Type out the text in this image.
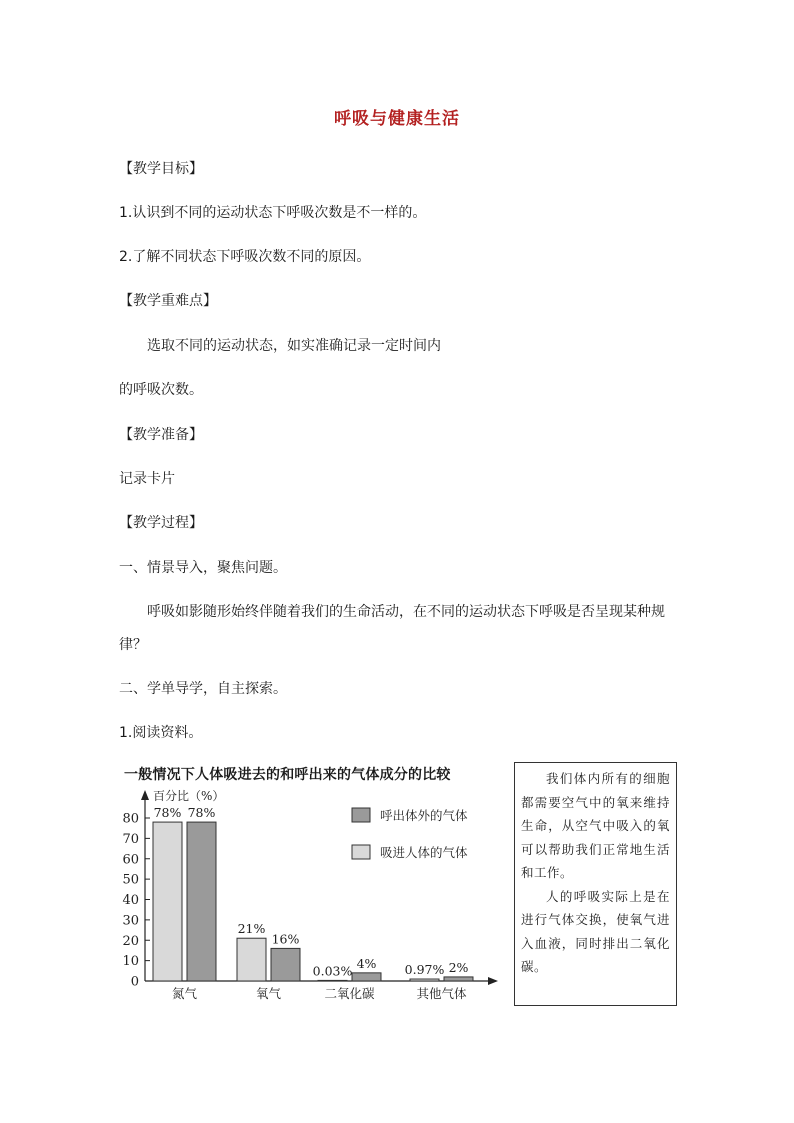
呼吸与健康生活
【教学目标】
1.认识到不同的运动状态下呼吸次数是不一样的。
2.了解不同状态下呼吸次数不同的原因。
【教学重难点】
选取不同的运动状态，如实准确记录一定时间内
的呼吸次数。
【教学准备】
记录卡片
【教学过程】
一、情景导入，聚焦问题。
呼吸如影随形始终伴随着我们的生命活动，在不同的运动状态下呼吸是否呈现某种规律？
二、学单导学，自主探索。
1.阅读资料。
一般情况下人体吸进去的和呼出来的气体成分的比较
百分比（%）
0
10
20
30
40
50
60
70
80 78% 78%
氮气
21%
16%
氧气
0.03%
4%
二氧化碳
0.97% 2%
其他气体
呼出体外的气体
吸进人体的气体

我们体内所有的细胞都需要空气中的氧来维持生命，从空气中吸入的氧可以帮助我们正常地生活和工作。

人的呼吸实际上是在进行气体交换，使氧气进入血液，同时排出二氧化碳。
